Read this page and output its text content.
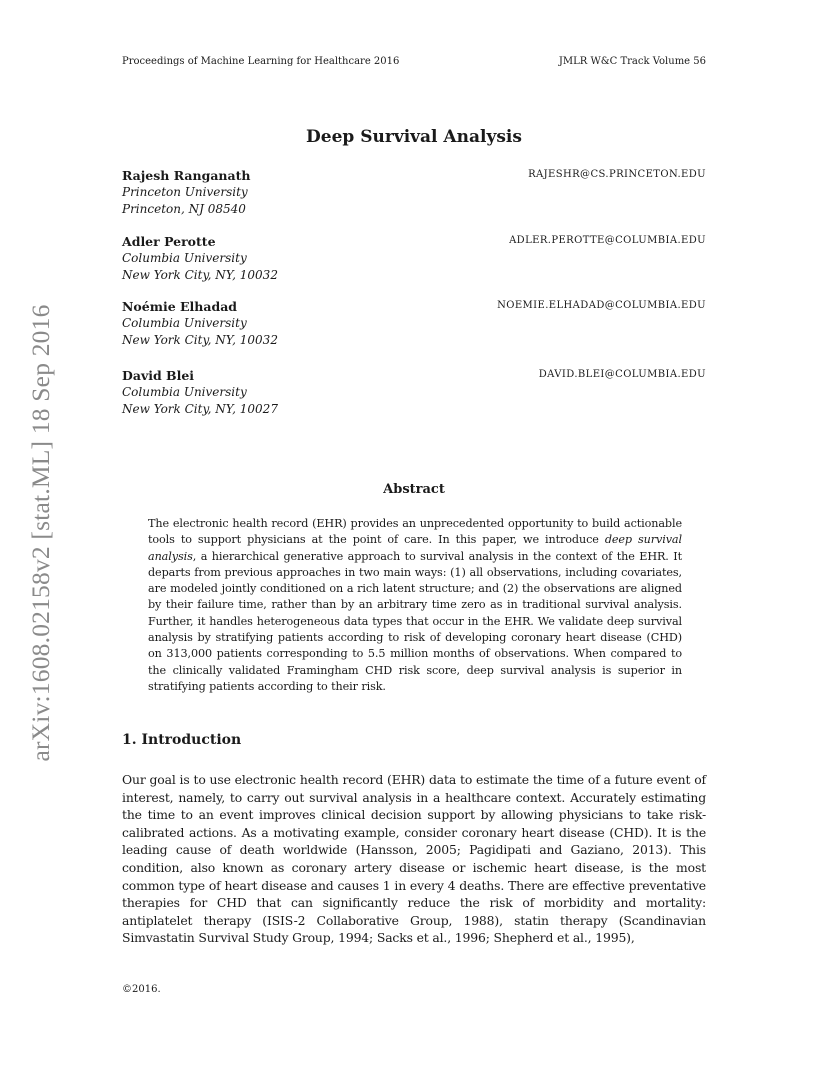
Proceedings of Machine Learning for Healthcare 2016	JMLR W&C Track Volume 56
arXiv:1608.02158v2 [stat.ML] 18 Sep 2016
Deep Survival Analysis
Rajesh Ranganath
Princeton University
Princeton, NJ 08540
RAJESHR@CS.PRINCETON.EDU
Adler Perotte
Columbia University
New York City, NY, 10032
ADLER.PEROTTE@COLUMBIA.EDU
Noémie Elhadad
Columbia University
New York City, NY, 10032
NOEMIE.ELHADAD@COLUMBIA.EDU
David Blei
Columbia University
New York City, NY, 10027
DAVID.BLEI@COLUMBIA.EDU
Abstract

The electronic health record (EHR) provides an unprecedented opportunity to build actionable tools to support physicians at the point of care. In this paper, we introduce deep survival analysis, a hierarchical generative approach to survival analysis in the context of the EHR. It departs from previous approaches in two main ways: (1) all observations, including covariates, are modeled jointly conditioned on a rich latent structure; and (2) the observations are aligned by their failure time, rather than by an arbitrary time zero as in traditional survival analysis. Further, it handles heterogeneous data types that occur in the EHR. We validate deep survival analysis by stratifying patients according to risk of developing coronary heart disease (CHD) on 313,000 patients corresponding to 5.5 million months of observations. When compared to the clinically validated Framingham CHD risk score, deep survival analysis is superior in stratifying patients according to their risk.

1. Introduction

Our goal is to use electronic health record (EHR) data to estimate the time of a future event of interest, namely, to carry out survival analysis in a healthcare context. Accurately estimating the time to an event improves clinical decision support by allowing physicians to take risk-calibrated actions. As a motivating example, consider coronary heart disease (CHD). It is the leading cause of death worldwide (Hansson, 2005; Pagidipati and Gaziano, 2013). This condition, also known as coronary artery disease or ischemic heart disease, is the most common type of heart disease and causes 1 in every 4 deaths. There are effective preventative therapies for CHD that can significantly reduce the risk of morbidity and mortality: antiplatelet therapy (ISIS-2 Collaborative Group, 1988), statin therapy (Scandinavian Simvastatin Survival Study Group, 1994; Sacks et al., 1996; Shepherd et al., 1995),

©2016.
